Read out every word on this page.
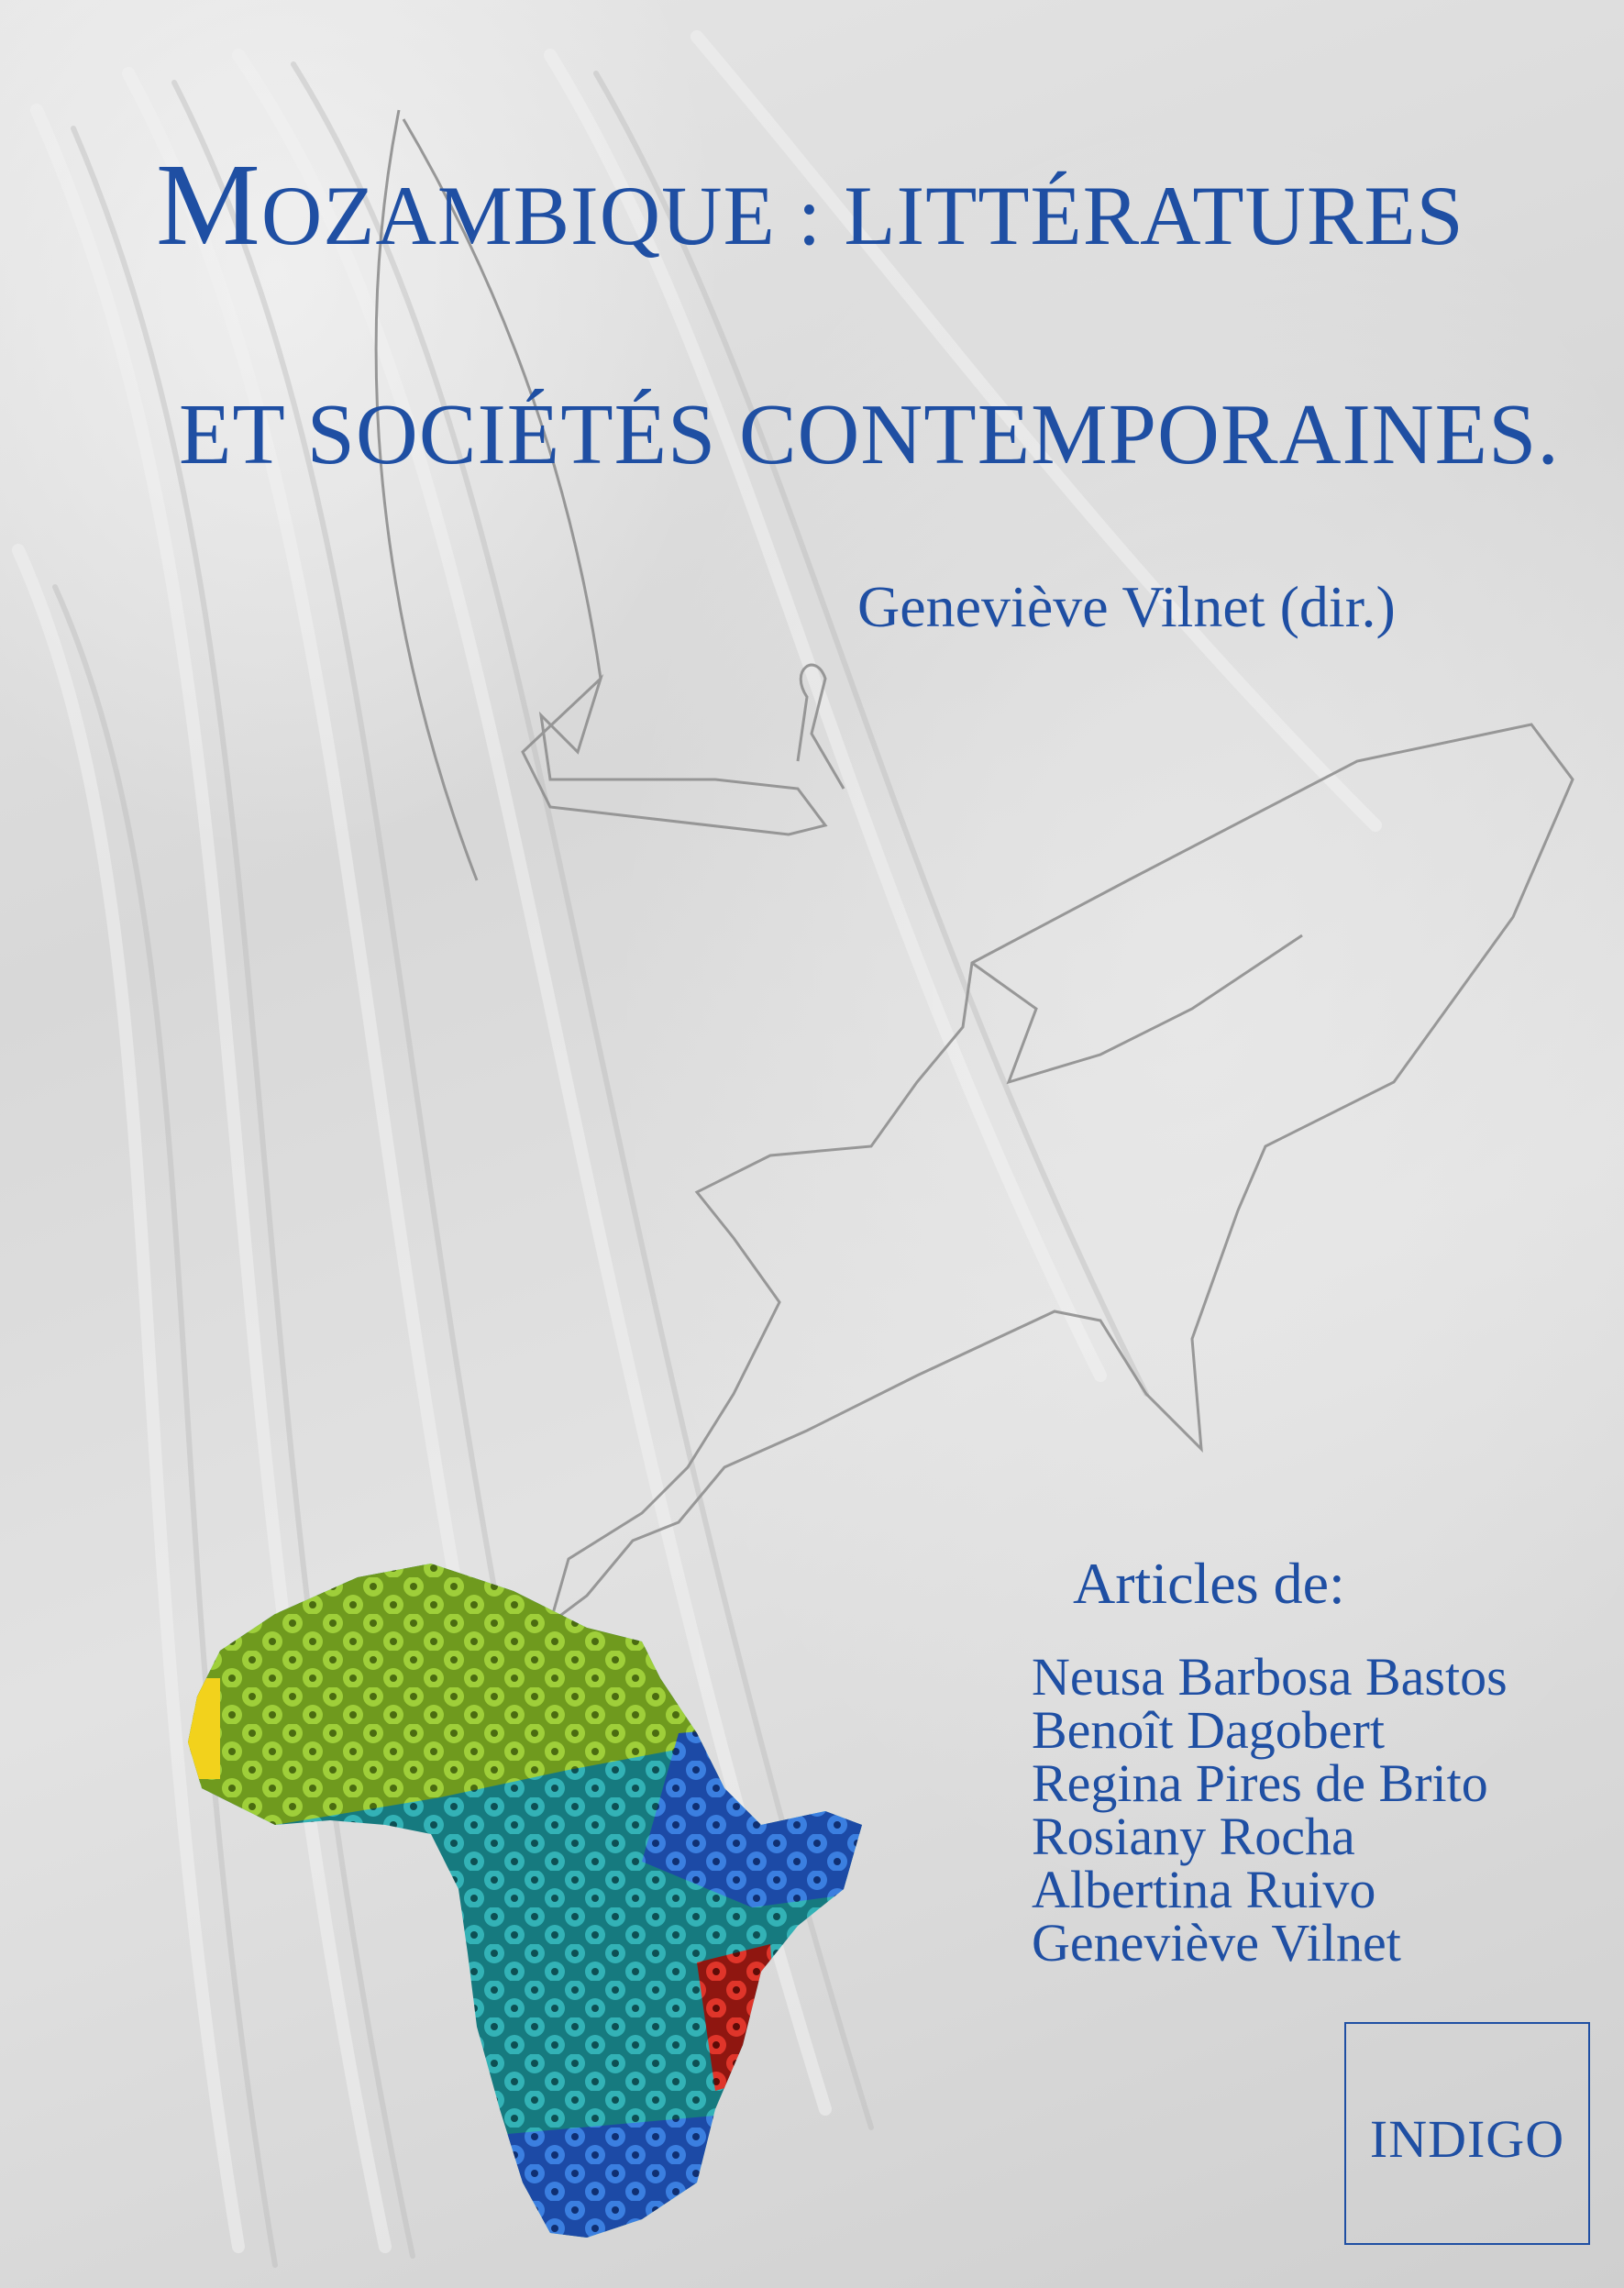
MOZAMBIQUE : LITTÉRATURES
ET SOCIÉTÉS CONTEMPORAINES.
Geneviève Vilnet (dir.)
Articles de:
Neusa Barbosa Bastos
Benoît Dagobert
Regina Pires de Brito
Rosiany Rocha
Albertina Ruivo
Geneviève Vilnet
INDIGO
